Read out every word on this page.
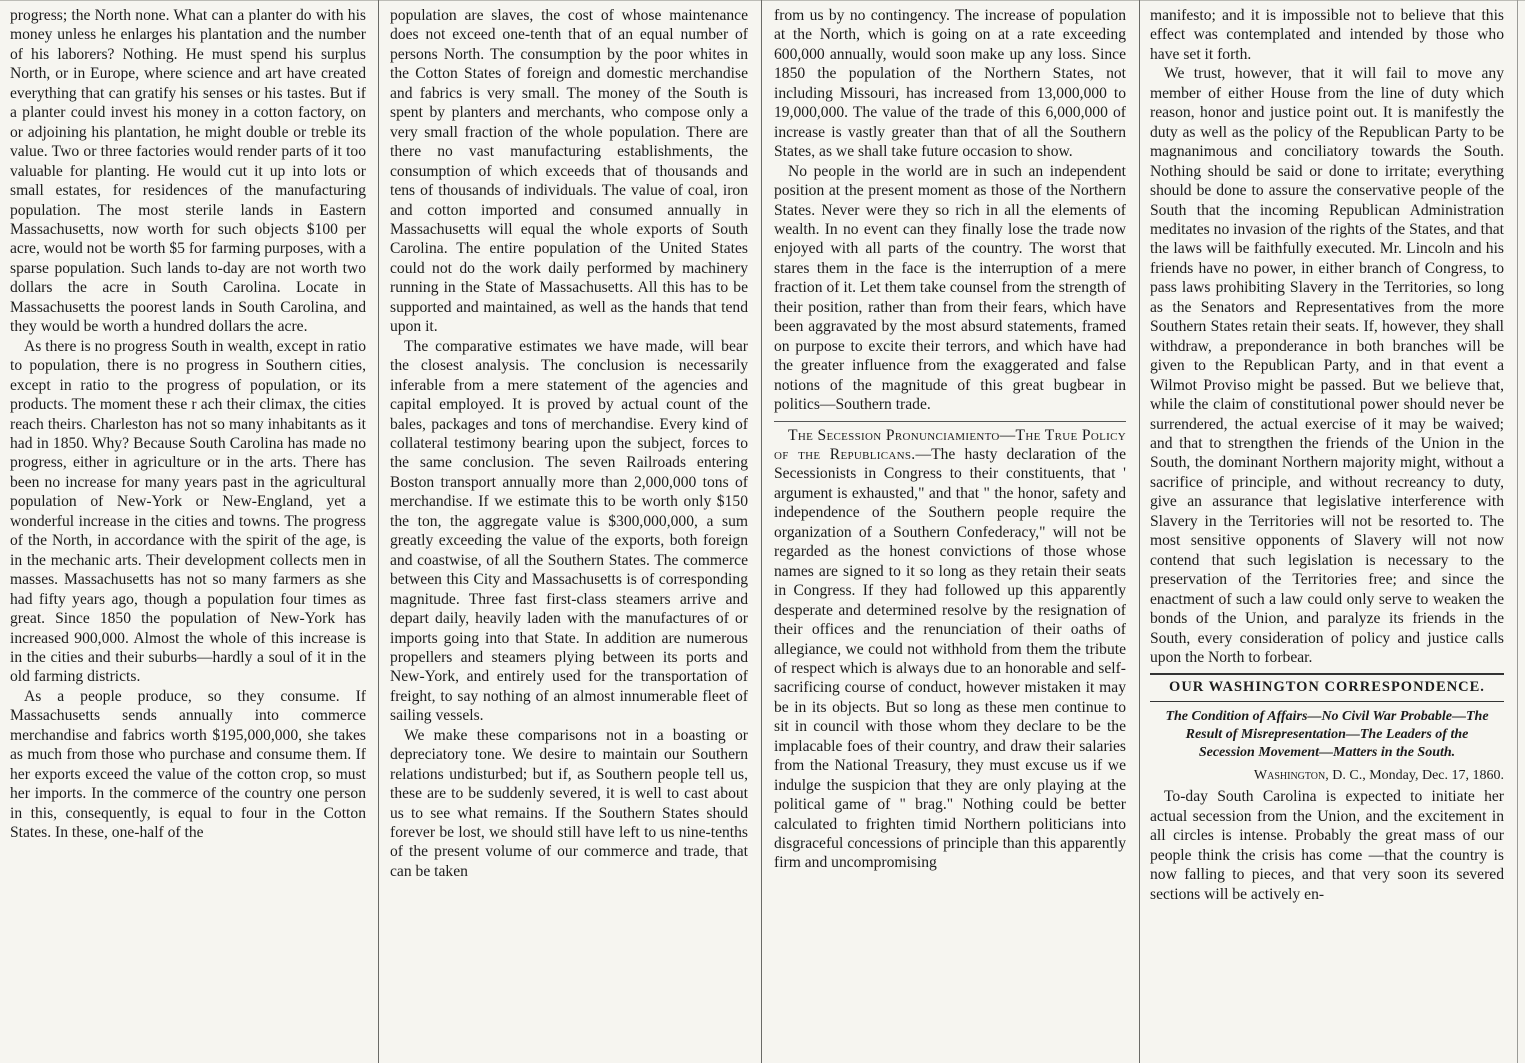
progress; the North none. What can a planter do with his money unless he enlarges his plantation and the number of his laborers? Nothing. He must spend his surplus North, or in Europe, where science and art have created everything that can gratify his senses or his tastes. But if a planter could invest his money in a cotton factory, on or adjoining his plantation, he might double or treble its value. Two or three factories would render parts of it too valuable for planting. He would cut it up into lots or small estates, for residences of the manufacturing population. The most sterile lands in Eastern Massachusetts, now worth for such objects $100 per acre, would not be worth $5 for farming purposes, with a sparse population. Such lands to-day are not worth two dollars the acre in South Carolina. Locate in Massachusetts the poorest lands in South Carolina, and they would be worth a hundred dollars the acre.

As there is no progress South in wealth, except in ratio to population, there is no progress in Southern cities, except in ratio to the progress of population, or its products. The moment these r ach their climax, the cities reach theirs. Charleston has not so many inhabitants as it had in 1850. Why? Because South Carolina has made no progress, either in agriculture or in the arts. There has been no increase for many years past in the agricultural population of New-York or New-England, yet a wonderful increase in the cities and towns. The progress of the North, in accordance with the spirit of the age, is in the mechanic arts. Their development collects men in masses. Massachusetts has not so many farmers as she had fifty years ago, though a population four times as great. Since 1850 the population of New-York has increased 900,000. Almost the whole of this increase is in the cities and their suburbs—hardly a soul of it in the old farming districts.

As a people produce, so they consume. If Massachusetts sends annually into commerce merchandise and fabrics worth $195,000,000, she takes as much from those who purchase and consume them. If her exports exceed the value of the cotton crop, so must her imports. In the commerce of the country one person in this, consequently, is equal to four in the Cotton States. In these, one-half of the

population are slaves, the cost of whose maintenance does not exceed one-tenth that of an equal number of persons North. The consumption by the poor whites in the Cotton States of foreign and domestic merchandise and fabrics is very small. The money of the South is spent by planters and merchants, who compose only a very small fraction of the whole population. There are there no vast manufacturing establishments, the consumption of which exceeds that of thousands and tens of thousands of individuals. The value of coal, iron and cotton imported and consumed annually in Massachusetts will equal the whole exports of South Carolina. The entire population of the United States could not do the work daily performed by machinery running in the State of Massachusetts. All this has to be supported and maintained, as well as the hands that tend upon it.

The comparative estimates we have made, will bear the closest analysis. The conclusion is necessarily inferable from a mere statement of the agencies and capital employed. It is proved by actual count of the bales, packages and tons of merchandise. Every kind of collateral testimony bearing upon the subject, forces to the same conclusion. The seven Railroads entering Boston transport annually more than 2,000,000 tons of merchandise. If we estimate this to be worth only $150 the ton, the aggregate value is $300,000,000, a sum greatly exceeding the value of the exports, both foreign and coastwise, of all the Southern States. The commerce between this City and Massachusetts is of corresponding magnitude. Three fast first-class steamers arrive and depart daily, heavily laden with the manufactures of or imports going into that State. In addition are numerous propellers and steamers plying between its ports and New-York, and entirely used for the transportation of freight, to say nothing of an almost innumerable fleet of sailing vessels.

We make these comparisons not in a boasting or depreciatory tone. We desire to maintain our Southern relations undisturbed; but if, as Southern people tell us, these are to be suddenly severed, it is well to cast about us to see what remains. If the Southern States should forever be lost, we should still have left to us nine-tenths of the present volume of our commerce and trade, that can be taken

from us by no contingency. The increase of population at the North, which is going on at a rate exceeding 600,000 annually, would soon make up any loss. Since 1850 the population of the Northern States, not including Missouri, has increased from 13,000,000 to 19,000,000. The value of the trade of this 6,000,000 of increase is vastly greater than that of all the Southern States, as we shall take future occasion to show.

No people in the world are in such an independent position at the present moment as those of the Northern States. Never were they so rich in all the elements of wealth. In no event can they finally lose the trade now enjoyed with all parts of the country. The worst that stares them in the face is the interruption of a mere fraction of it. Let them take counsel from the strength of their position, rather than from their fears, which have been aggravated by the most absurd statements, framed on purpose to excite their terrors, and which have had the greater influence from the exaggerated and false notions of the magnitude of this great bugbear in politics—Southern trade.

The Secession Pronunciamiento—The True Policy of the Republicans.—The hasty declaration of the Secessionists in Congress to their constituents, that ' argument is exhausted," and that " the honor, safety and independence of the Southern people require the organization of a Southern Confederacy," will not be regarded as the honest convictions of those whose names are signed to it so long as they retain their seats in Congress. If they had followed up this apparently desperate and determined resolve by the resignation of their offices and the renunciation of their oaths of allegiance, we could not withhold from them the tribute of respect which is always due to an honorable and self-sacrificing course of conduct, however mistaken it may be in its objects. But so long as these men continue to sit in council with those whom they declare to be the implacable foes of their country, and draw their salaries from the National Treasury, they must excuse us if we indulge the suspicion that they are only playing at the political game of " brag." Nothing could be better calculated to frighten timid Northern politicians into disgraceful concessions of principle than this apparently firm and uncompromising

manifesto; and it is impossible not to believe that this effect was contemplated and intended by those who have set it forth.

We trust, however, that it will fail to move any member of either House from the line of duty which reason, honor and justice point out. It is manifestly the duty as well as the policy of the Republican Party to be magnanimous and conciliatory towards the South. Nothing should be said or done to irritate; everything should be done to assure the conservative people of the South that the incoming Republican Administration meditates no invasion of the rights of the States, and that the laws will be faithfully executed. Mr. Lincoln and his friends have no power, in either branch of Congress, to pass laws prohibiting Slavery in the Territories, so long as the Senators and Representatives from the more Southern States retain their seats. If, however, they shall withdraw, a preponderance in both branches will be given to the Republican Party, and in that event a Wilmot Proviso might be passed. But we believe that, while the claim of constitutional power should never be surrendered, the actual exercise of it may be waived; and that to strengthen the friends of the Union in the South, the dominant Northern majority might, without a sacrifice of principle, and without recreancy to duty, give an assurance that legislative interference with Slavery in the Territories will not be resorted to. The most sensitive opponents of Slavery will not now contend that such legislation is necessary to the preservation of the Territories free; and since the enactment of such a law could only serve to weaken the bonds of the Union, and paralyze its friends in the South, every consideration of policy and justice calls upon the North to forbear.

OUR WASHINGTON CORRESPONDENCE.
The Condition of Affairs—No Civil War Probable—The Result of Misrepresentation—The Leaders of the Secession Movement—Matters in the South.
Washington, D. C., Monday, Dec. 17, 1860.

To-day South Carolina is expected to initiate her actual secession from the Union, and the excitement in all circles is intense. Probably the great mass of our people think the crisis has come —that the country is now falling to pieces, and that very soon its severed sections will be actively en-
